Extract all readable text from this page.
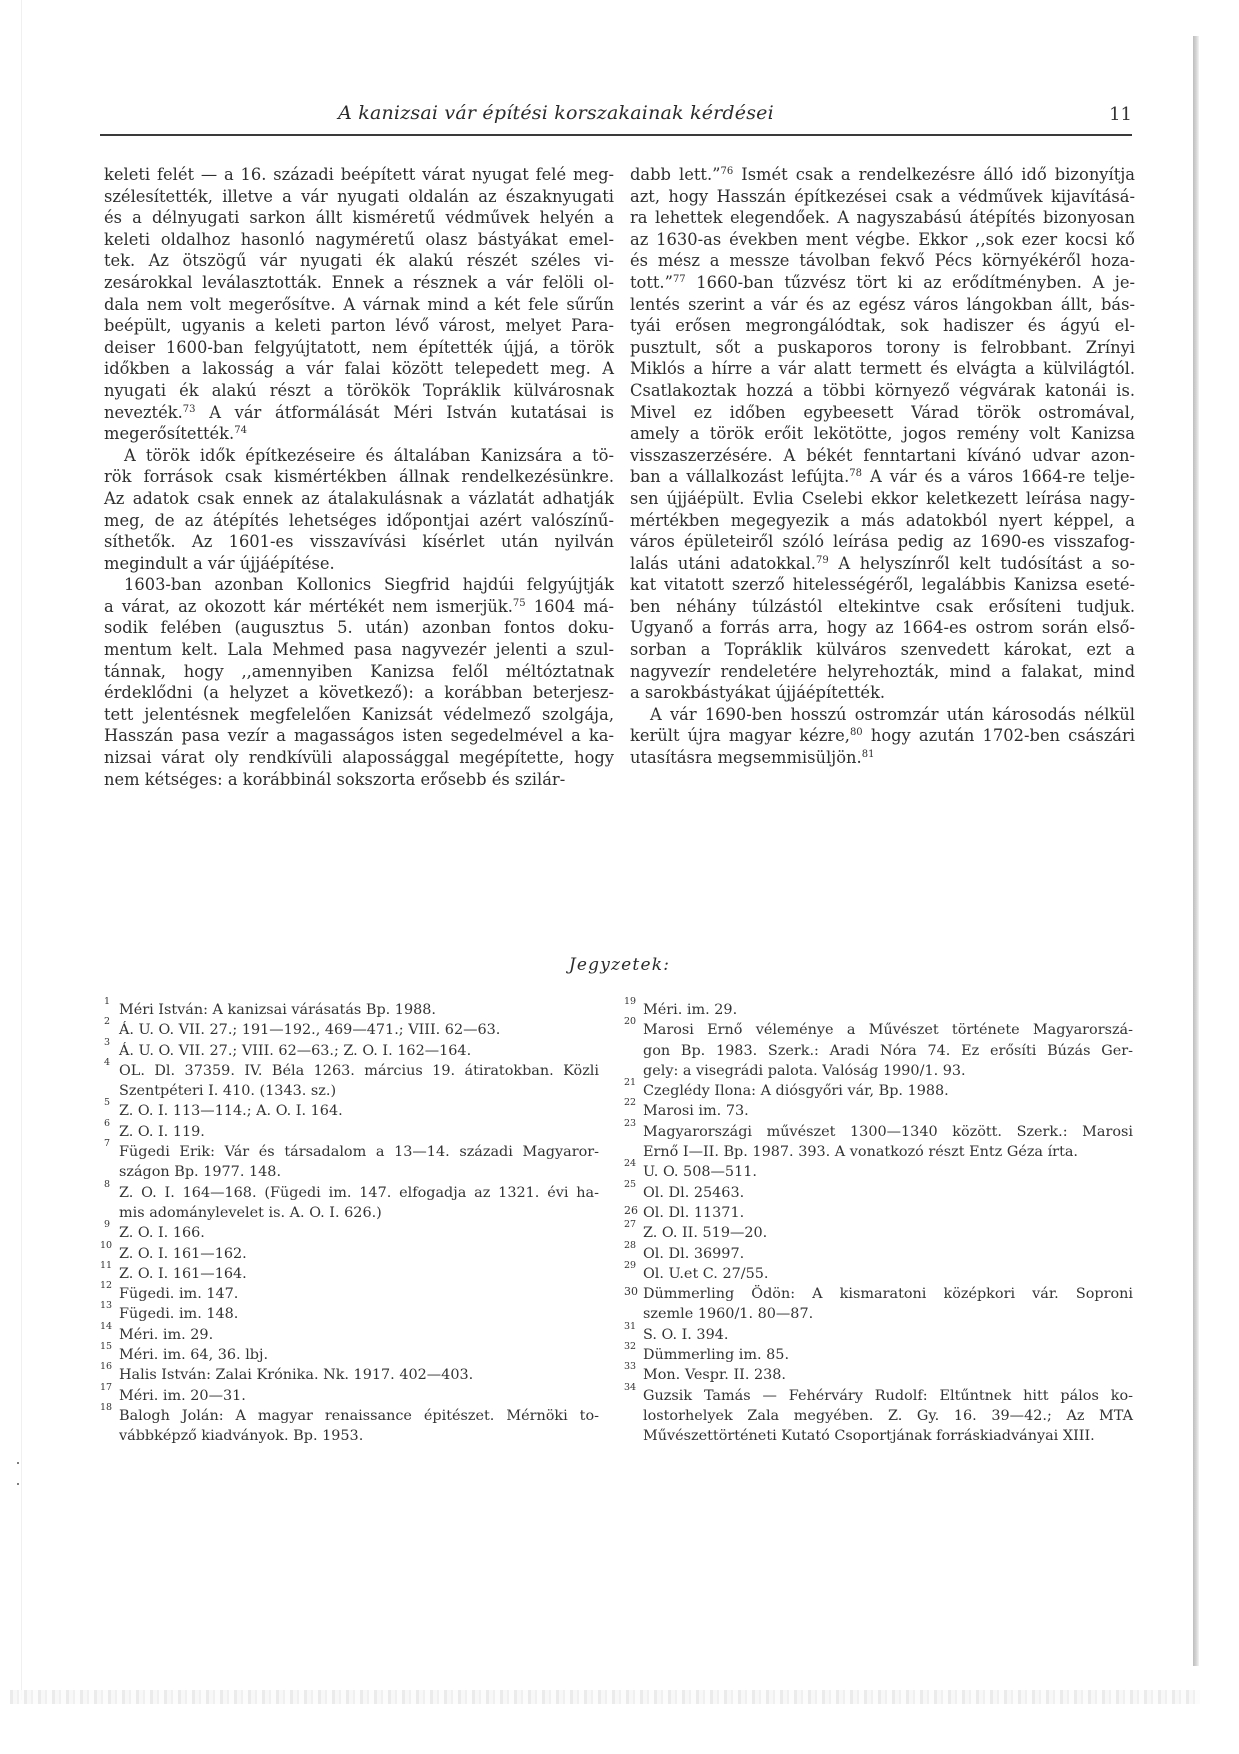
A kanizsai vár építési korszakainak kérdései	11
keleti felét — a 16. századi beépített várat nyugat felé meg-
szélesítették, illetve a vár nyugati oldalán az északnyugati
és a délnyugati sarkon állt kisméretű védművek helyén a
keleti oldalhoz hasonló nagyméretű olasz bástyákat emel-
tek. Az ötszögű vár nyugati ék alakú részét széles vi-
zesárokkal leválasztották. Ennek a résznek a vár felöli ol-
dala nem volt megerősítve. A várnak mind a két fele sűrűn
beépült, ugyanis a keleti parton lévő várost, melyet Para-
deiser 1600-ban felgyújtatott, nem építették újjá, a török
időkben a lakosság a vár falai között telepedett meg. A
nyugati ék alakú részt a törökök Topráklik külvárosnak
nevezték.$^{73}$ A vár átformálását Méri István kutatásai is
megerősítették.$^{74}$
A török idők építkezéseire és általában Kanizsára a tö-
rök források csak kismértékben állnak rendelkezésünkre.
Az adatok csak ennek az átalakulásnak a vázlatát adhatják
meg, de az átépítés lehetséges időpontjai azért valószínű-
síthetők. Az 1601-es visszavívási kísérlet után nyilván
megindult a vár újjáépítése.
1603-ban azonban Kollonics Siegfrid hajdúi felgyújtják
a várat, az okozott kár mértékét nem ismerjük.$^{75}$ 1604 má-
sodik felében (augusztus 5. után) azonban fontos doku-
mentum kelt. Lala Mehmed pasa nagyvezér jelenti a szul-
tánnak, hogy ,,amennyiben Kanizsa felől méltóztatnak
érdeklődni (a helyzet a következő): a korábban beterjesz-
tett jelentésnek megfelelően Kanizsát védelmező szolgája,
Hasszán pasa vezír a magasságos isten segedelmével a ka-
nizsai várat oly rendkívüli alapossággal megépítette, hogy
nem kétséges: a korábbinál sokszorta erősebb és szilár-
dabb lett.”$^{76}$ Ismét csak a rendelkezésre álló idő bizonyítja
azt, hogy Hasszán építkezései csak a védművek kijavításá-
ra lehettek elegendőek. A nagyszabású átépítés bizonyosan
az 1630-as években ment végbe. Ekkor ,,sok ezer kocsi kő
és mész a messze távolban fekvő Pécs környékéről hoza-
tott.”$^{77}$ 1660-ban tűzvész tört ki az erődítményben. A je-
lentés szerint a vár és az egész város lángokban állt, bás-
tyái erősen megrongálódtak, sok hadiszer és ágyú el-
pusztult, sőt a puskaporos torony is felrobbant. Zrínyi
Miklós a hírre a vár alatt termett és elvágta a külvilágtól.
Csatlakoztak hozzá a többi környező végvárak katonái is.
Mivel ez időben egybeesett Várad török ostromával,
amely a török erőit lekötötte, jogos remény volt Kanizsa
visszaszerzésére. A békét fenntartani kívánó udvar azon-
ban a vállalkozást lefújta.$^{78}$ A vár és a város 1664-re telje-
sen újjáépült. Evlia Cselebi ekkor keletkezett leírása nagy-
mértékben megegyezik a más adatokból nyert képpel, a
város épületeiről szóló leírása pedig az 1690-es visszafog-
lalás utáni adatokkal.$^{79}$ A helyszínről kelt tudósítást a so-
kat vitatott szerző hitelességéről, legalábbis Kanizsa eseté-
ben néhány túlzástól eltekintve csak erősíteni tudjuk.
Ugyanő a forrás arra, hogy az 1664-es ostrom során első-
sorban a Topráklik külváros szenvedett károkat, ezt a
nagyvezír rendeletére helyrehozták, mind a falakat, mind
a sarokbástyákat újjáépítették.
A vár 1690-ben hosszú ostromzár után károsodás nélkül
került újra magyar kézre,$^{80}$ hogy azután 1702-ben császári
utasításra megsemmisüljön.$^{81}$
Jegyzetek:
1
Méri István: A kanizsai várásatás Bp. 1988.
2
Á. U. O. VII. 27.; 191—192., 469—471.; VIII. 62—63.
3
Á. U. O. VII. 27.; VIII. 62—63.; Z. O. I. 162—164.
4
OL. Dl. 37359. IV. Béla 1263. március 19. átiratokban. Közli
Szentpéteri I. 410. (1343. sz.)
5
Z. O. I. 113—114.; A. O. I. 164.
6
Z. O. I. 119.
7
Fügedi Erik: Vár és társadalom a 13—14. századi Magyaror-
szágon Bp. 1977. 148.
8
Z. O. I. 164—168. (Fügedi im. 147. elfogadja az 1321. évi ha-
mis adománylevelet is. A. O. I. 626.)
9
Z. O. I. 166.
10
Z. O. I. 161—162.
11
Z. O. I. 161—164.
12
Fügedi. im. 147.
13
Fügedi. im. 148.
14
Méri. im. 29.
15
Méri. im. 64, 36. lbj.
16
Halis István: Zalai Krónika. Nk. 1917. 402—403.
17
Méri. im. 20—31.
18
Balogh Jolán: A magyar renaissance épitészet. Mérnöki to-
vábbképző kiadványok. Bp. 1953.
19
Méri. im. 29.
20
Marosi Ernő véleménye a Művészet története Magyarorszá-
gon Bp. 1983. Szerk.: Aradi Nóra 74. Ez erősíti Búzás Ger-
gely: a visegrádi palota. Valóság 1990/1. 93.
21
Czeglédy Ilona: A diósgyőri vár, Bp. 1988.
22
Marosi im. 73.
23
Magyarországi művészet 1300—1340 között. Szerk.: Marosi
Ernő I—II. Bp. 1987. 393. A vonatkozó részt Entz Géza írta.
24
U. O. 508—511.
25
Ol. Dl. 25463.
26 Ol. Dl. 11371.
27
Z. O. II. 519—20.
28
Ol. Dl. 36997.
29
Ol. U.et C. 27/55.
30 Dümmerling Ödön: A kismaratoni középkori vár. Soproni
szemle 1960/1. 80—87.
31
S. O. I. 394.
32
Dümmerling im. 85.
33
Mon. Vespr. II. 238.
34
Guzsik Tamás — Fehérváry Rudolf: Eltűntnek hitt pálos ko-
lostorhelyek Zala megyében. Z. Gy. 16. 39—42.; Az MTA
Művészettörténeti Kutató Csoportjának forráskiadványai XIII.
